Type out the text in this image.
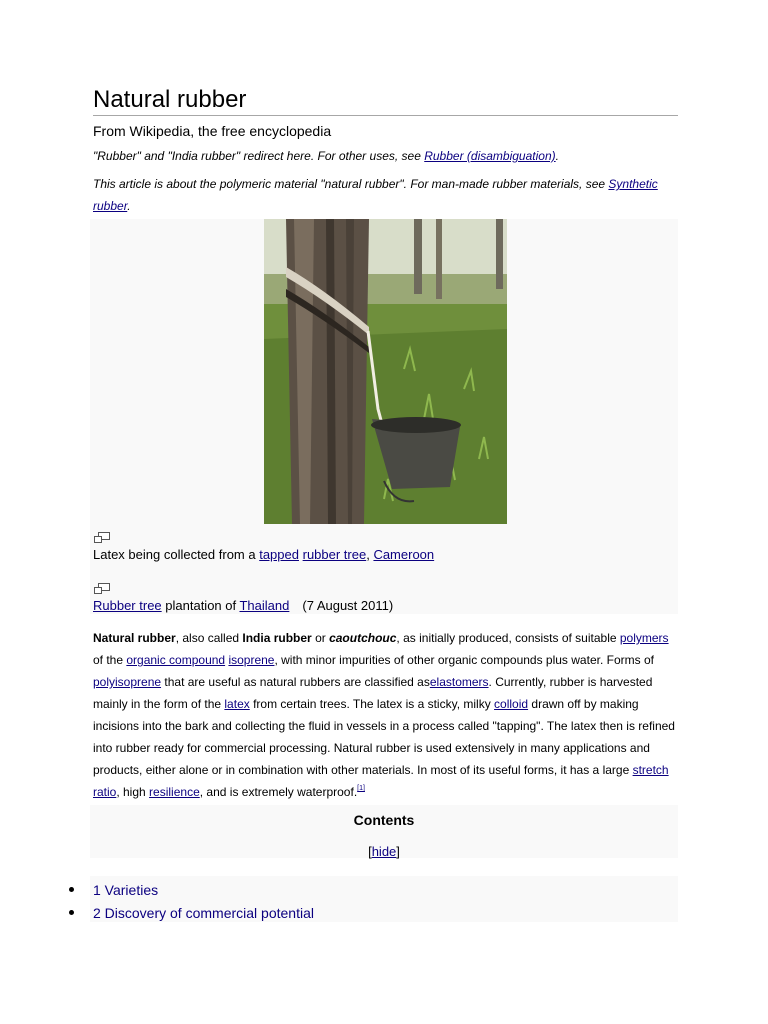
Natural rubber
From Wikipedia, the free encyclopedia
"Rubber" and "India rubber" redirect here. For other uses, see Rubber (disambiguation).
This article is about the polymeric material "natural rubber". For man-made rubber materials, see Synthetic rubber.
Latex being collected from a tapped rubber tree, Cameroon
Rubber tree plantation of Thailand　(7 August 2011)
Natural rubber, also called India rubber or caoutchouc, as initially produced, consists of suitable polymers of the organic compound isoprene, with minor impurities of other organic compounds plus water. Forms of polyisoprene that are useful as natural rubbers are classified aselastomers. Currently, rubber is harvested mainly in the form of the latex from certain trees. The latex is a sticky, milky colloid drawn off by making incisions into the bark and collecting the fluid in vessels in a process called "tapping". The latex then is refined into rubber ready for commercial processing. Natural rubber is used extensively in many applications and products, either alone or in combination with other materials. In most of its useful forms, it has a large stretch ratio, high resilience, and is extremely waterproof.[1]
Contents
[hide]
1 Varieties
2 Discovery of commercial potential
